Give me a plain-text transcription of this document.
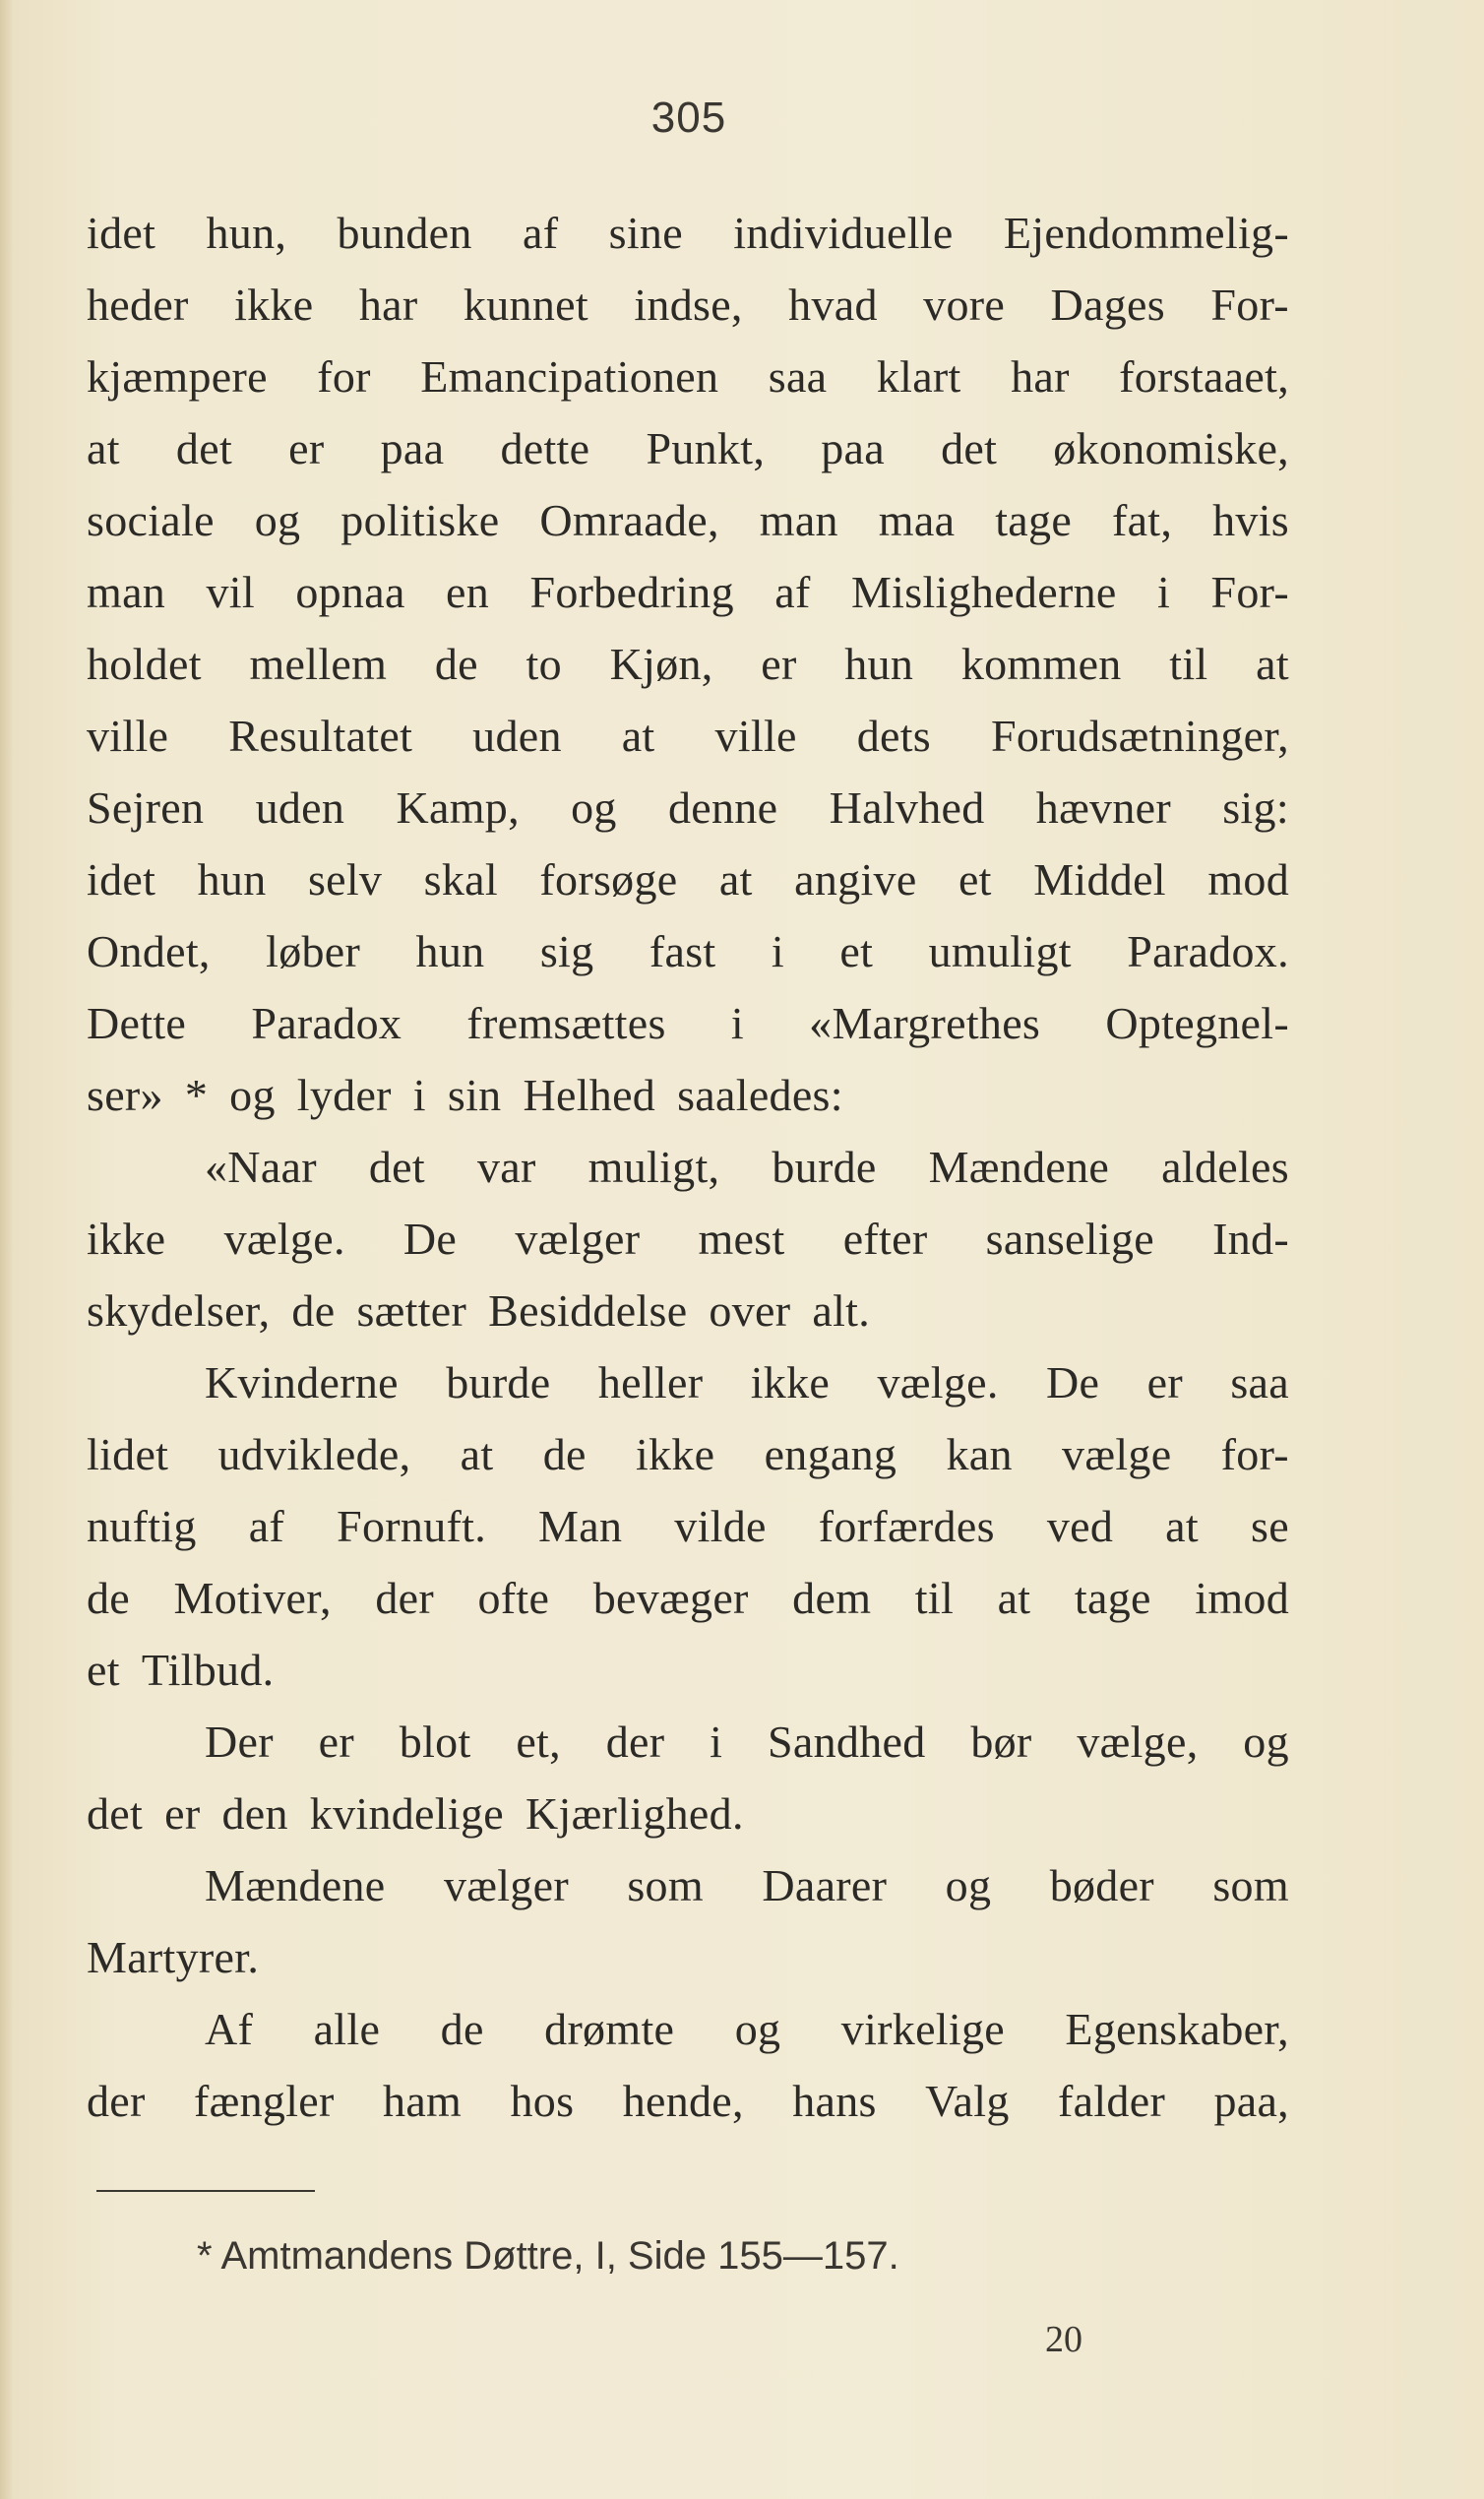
305
idet hun, bunden af sine individuelle Ejendommelig-
heder ikke har kunnet indse, hvad vore Dages For-
kjæmpere for Emancipationen saa klart har forstaaet,
at det er paa dette Punkt, paa det økonomiske,
sociale og politiske Omraade, man maa tage fat, hvis
man vil opnaa en Forbedring af Mislighederne i For-
holdet mellem de to Kjøn, er hun kommen til at
ville Resultatet uden at ville dets Forudsætninger,
Sejren uden Kamp, og denne Halvhed hævner sig:
idet hun selv skal forsøge at angive et Middel mod
Ondet, løber hun sig fast i et umuligt Paradox.
Dette Paradox fremsættes i «Margrethes Optegnel-
ser» * og lyder i sin Helhed saaledes:
«Naar det var muligt, burde Mændene aldeles
ikke vælge. De vælger mest efter sanselige Ind-
skydelser, de sætter Besiddelse over alt.
Kvinderne burde heller ikke vælge. De er saa
lidet udviklede, at de ikke engang kan vælge for-
nuftig af Fornuft. Man vilde forfærdes ved at se
de Motiver, der ofte bevæger dem til at tage imod
et Tilbud.
Der er blot et, der i Sandhed bør vælge, og
det er den kvindelige Kjærlighed.
Mændene vælger som Daarer og bøder som
Martyrer.
Af alle de drømte og virkelige Egenskaber,
der fængler ham hos hende, hans Valg falder paa,
* Amtmandens Døttre, I, Side 155—157.
20
